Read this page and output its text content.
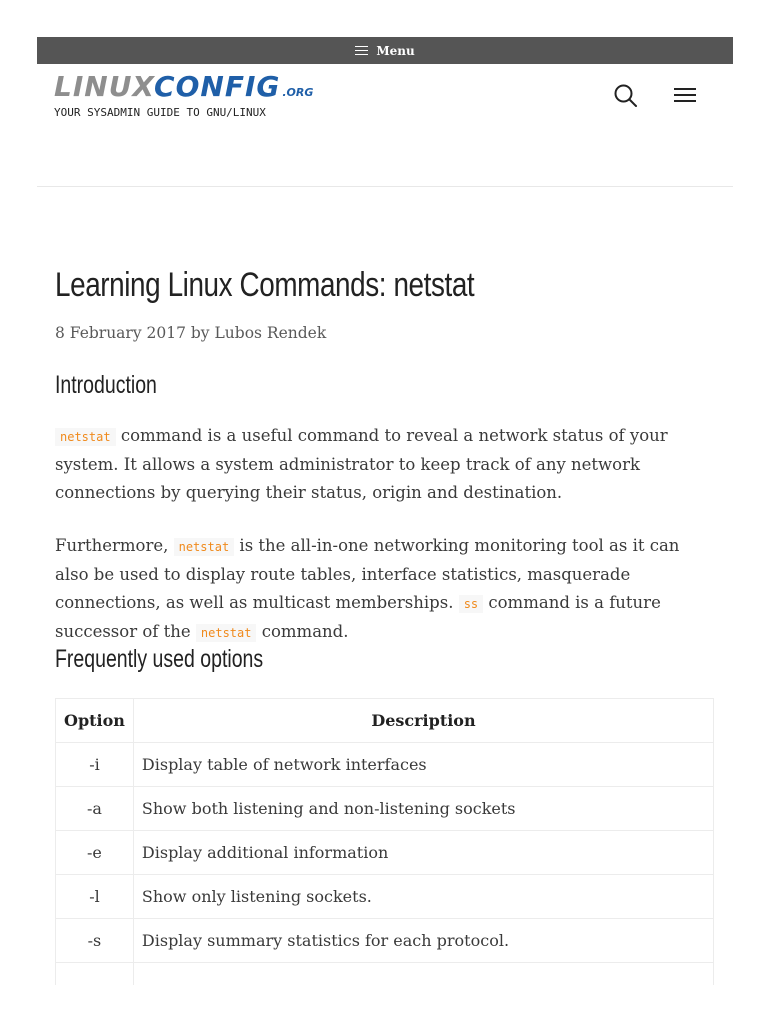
Menu
LINUXCONFIG .ORG
YOUR SYSADMIN GUIDE TO GNU/LINUX
Learning Linux Commands: netstat
8 February 2017 by Lubos Rendek
Introduction

netstat command is a useful command to reveal a network status of your system. It allows a system administrator to keep track of any network connections by querying their status, origin and destination.

Furthermore, netstat is the all-in-one networking monitoring tool as it can also be used to display route tables, interface statistics, masquerade connections, as well as multicast memberships. ss command is a future successor of the netstat command.

Frequently used options
Option	Description
-i	Display table of network interfaces
-a	Show both listening and non-listening sockets
-e	Display additional information
-l	Show only listening sockets.
-s	Display summary statistics for each protocol.
